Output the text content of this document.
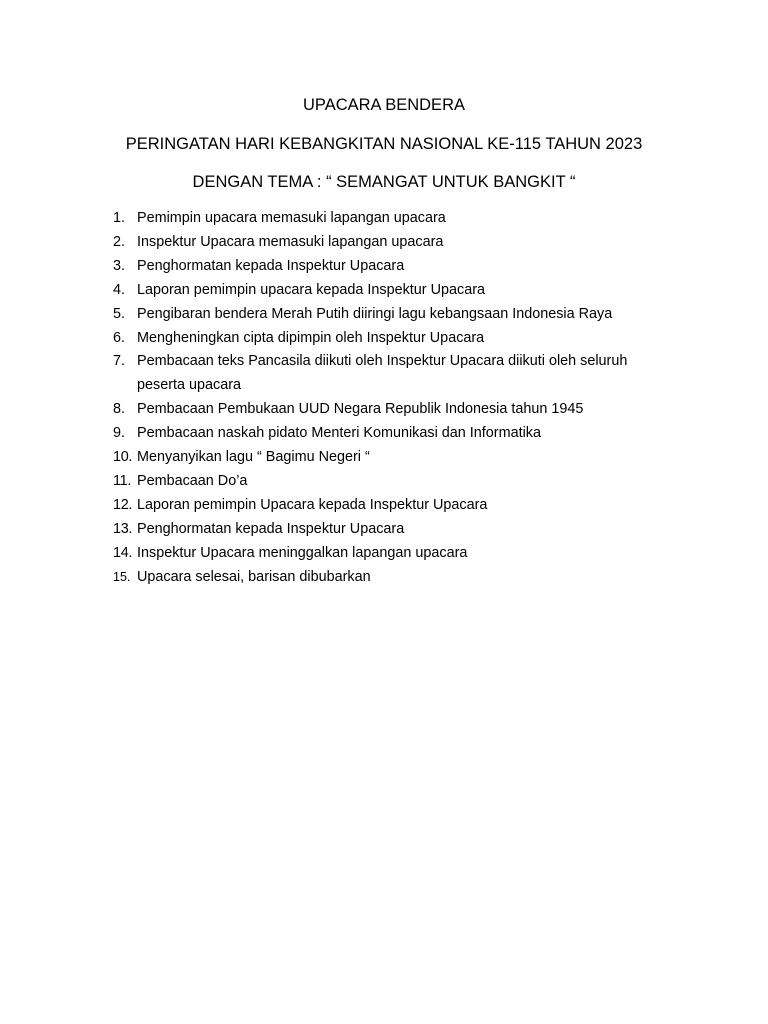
UPACARA BENDERA
PERINGATAN HARI KEBANGKITAN NASIONAL KE-115 TAHUN 2023
DENGAN TEMA : “ SEMANGAT UNTUK BANGKIT “
1. Pemimpin upacara memasuki lapangan upacara
2. Inspektur Upacara memasuki lapangan upacara
3. Penghormatan kepada Inspektur Upacara
4. Laporan pemimpin upacara kepada Inspektur Upacara
5. Pengibaran bendera Merah Putih diiringi lagu kebangsaan Indonesia Raya
6. Mengheningkan cipta dipimpin oleh Inspektur Upacara
7. Pembacaan teks Pancasila diikuti oleh Inspektur Upacara diikuti oleh seluruh peserta upacara
8. Pembacaan Pembukaan UUD Negara Republik Indonesia tahun 1945
9. Pembacaan naskah pidato Menteri Komunikasi dan Informatika
10. Menyanyikan lagu “ Bagimu Negeri “
11. Pembacaan Do’a
12. Laporan pemimpin Upacara kepada Inspektur Upacara
13. Penghormatan kepada Inspektur Upacara
14. Inspektur Upacara meninggalkan lapangan upacara
15. Upacara selesai, barisan dibubarkan
